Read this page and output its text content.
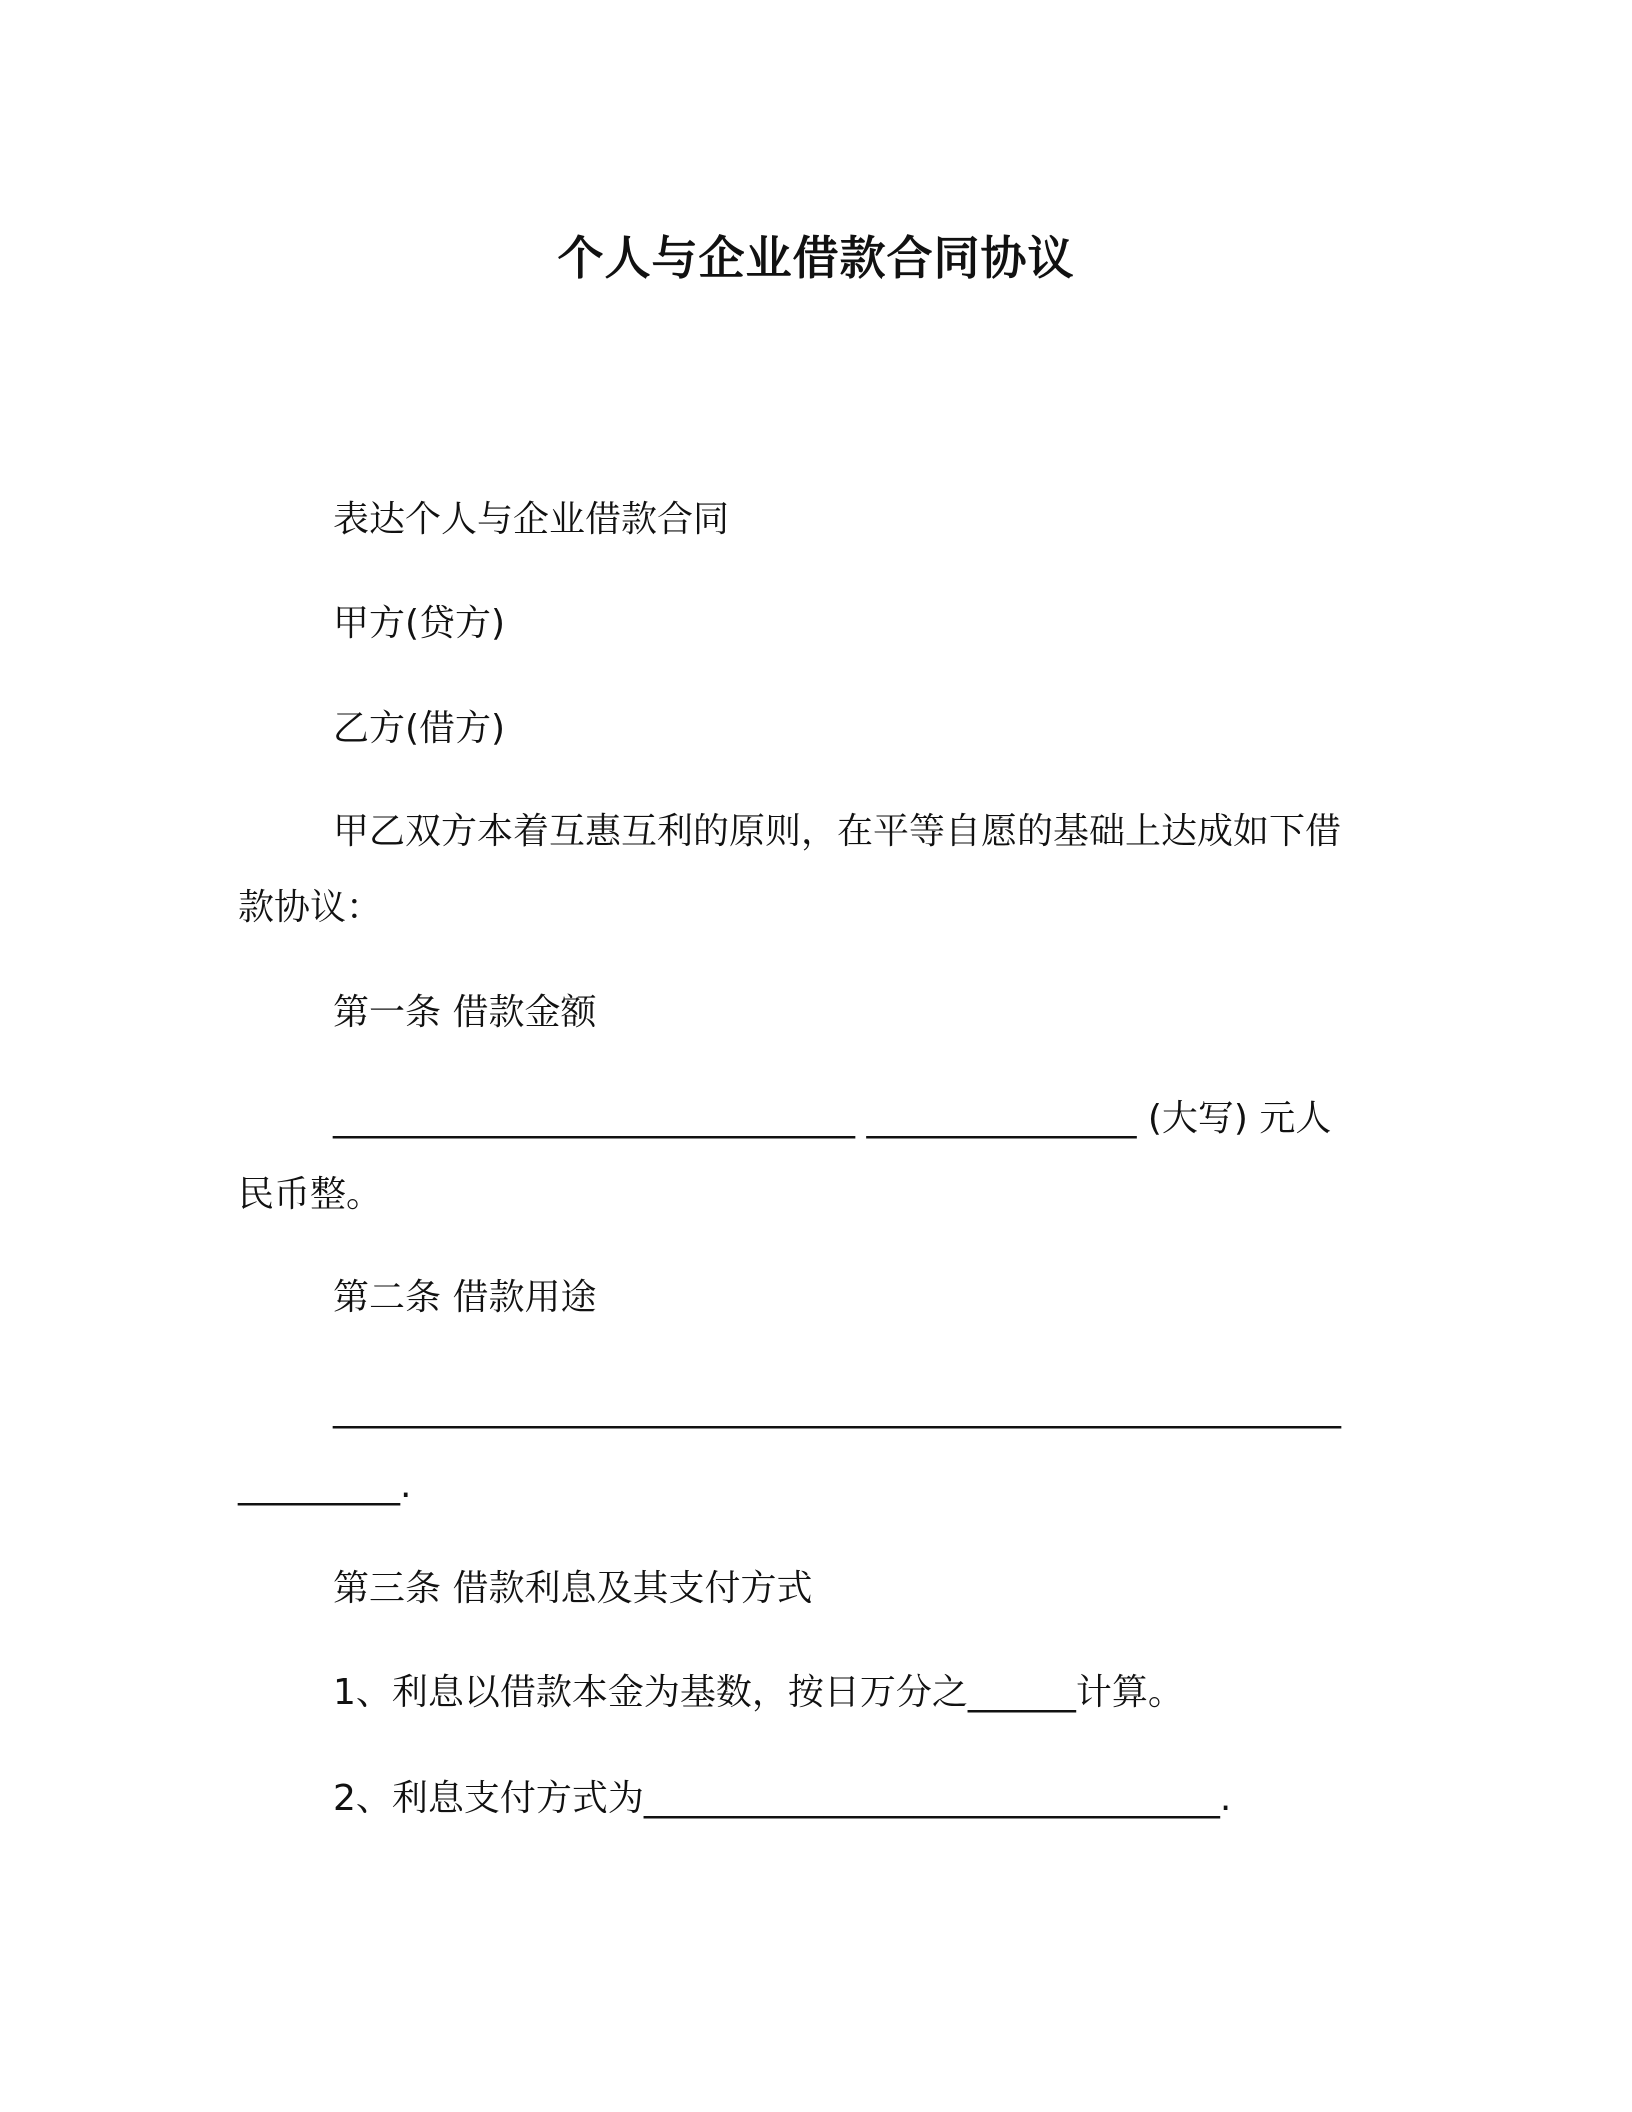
个人与企业借款合同协议
表达个人与企业借款合同
甲方(贷方)
乙方(借方)
甲乙双方本着互惠互利的原则，在平等自愿的基础上达成如下借
款协议：
第一条 借款金额
_____________________________ _______________ (大写) 元人
民币整。
第二条 借款用途
________________________________________________________
_________.
第三条 借款利息及其支付方式
1、利息以借款本金为基数，按日万分之______计算。
2、利息支付方式为________________________________.
